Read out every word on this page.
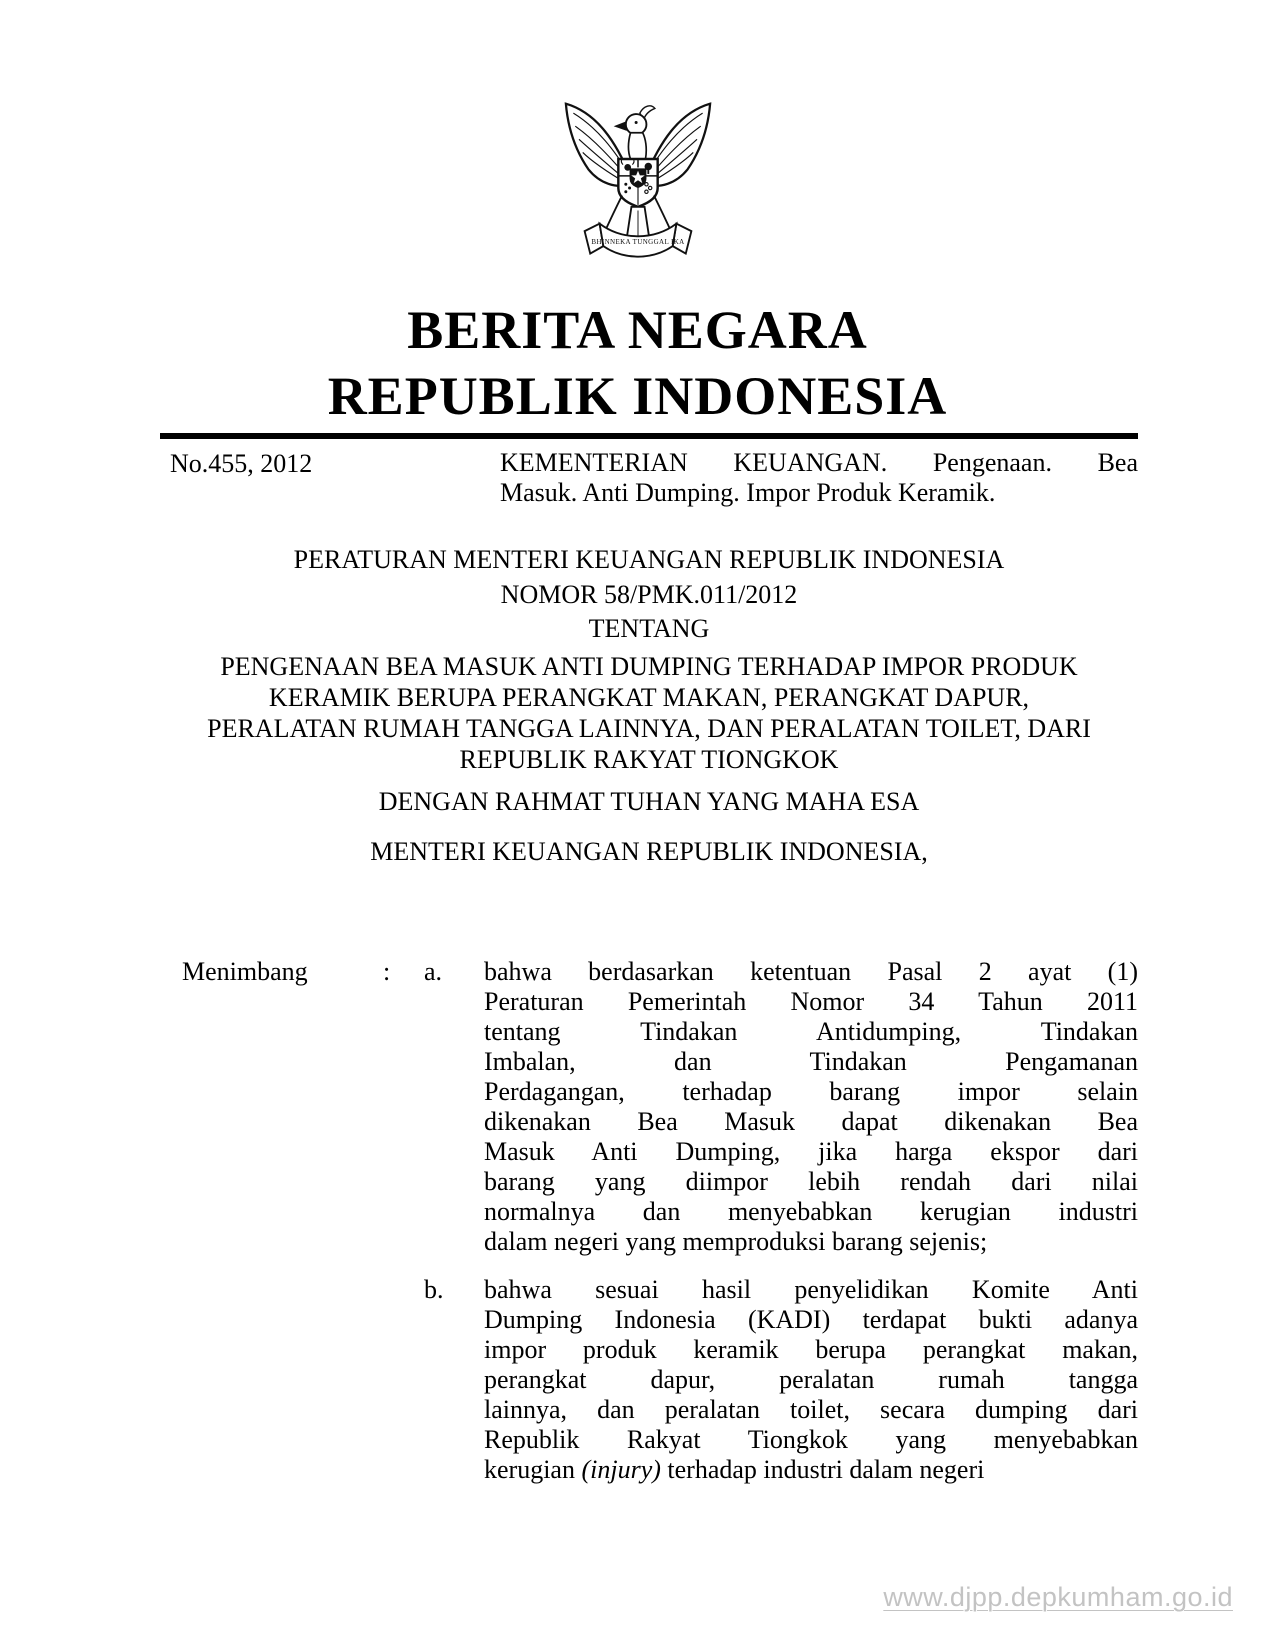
BHINNEKA TUNGGAL IKA
BERITA NEGARA
REPUBLIK INDONESIA
No.455, 2012	KEMENTERIAN KEUANGAN. Pengenaan. Bea
Masuk. Anti Dumping. Impor Produk Keramik.
PERATURAN MENTERI KEUANGAN REPUBLIK INDONESIA
NOMOR 58/PMK.011/2012
TENTANG
PENGENAAN BEA MASUK ANTI DUMPING TERHADAP IMPOR PRODUK
KERAMIK BERUPA PERANGKAT MAKAN, PERANGKAT DAPUR,
PERALATAN RUMAH TANGGA LAINNYA, DAN PERALATAN TOILET, DARI
REPUBLIK RAKYAT TIONGKOK
DENGAN RAHMAT TUHAN YANG MAHA ESA
MENTERI KEUANGAN REPUBLIK INDONESIA,
Menimbang	:	a.	bahwa berdasarkan ketentuan Pasal 2 ayat (1)
Peraturan Pemerintah Nomor 34 Tahun 2011
tentang Tindakan Antidumping, Tindakan
Imbalan, dan Tindakan Pengamanan
Perdagangan, terhadap barang impor selain
dikenakan Bea Masuk dapat dikenakan Bea
Masuk Anti Dumping, jika harga ekspor dari
barang yang diimpor lebih rendah dari nilai
normalnya dan menyebabkan kerugian industri
dalam negeri yang memproduksi barang sejenis;
b.	bahwa sesuai hasil penyelidikan Komite Anti
Dumping Indonesia (KADI) terdapat bukti adanya
impor produk keramik berupa perangkat makan,
perangkat dapur, peralatan rumah tangga
lainnya, dan peralatan toilet, secara dumping dari
Republik Rakyat Tiongkok yang menyebabkan
kerugian (injury) terhadap industri dalam negeri
www.djpp.depkumham.go.id
